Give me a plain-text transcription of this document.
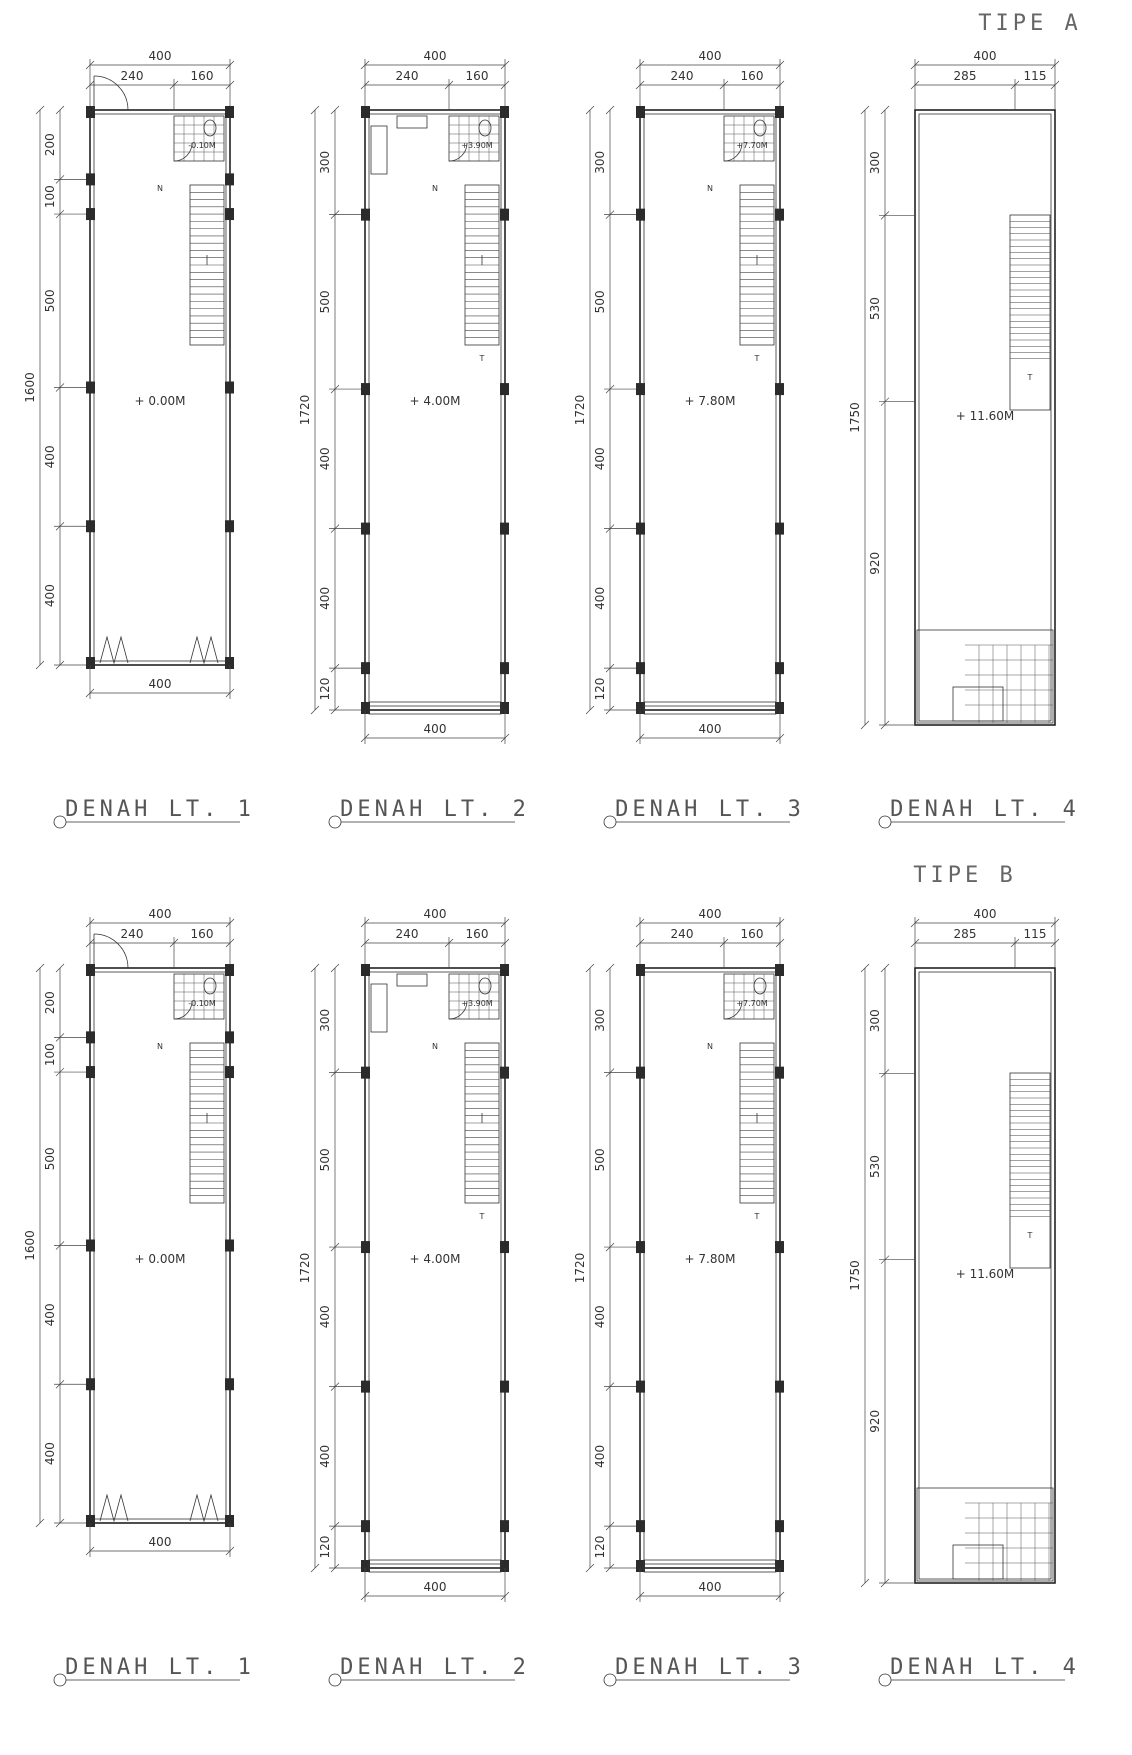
TIPE A
400
240	160
1600
200
100
500
400
400
-0.10M
N
400
+ 0.00M
DENAH LT. 1
400
240	160
1720
300
500
400
400
120
+3.90M
N
T
400
+ 4.00M
DENAH LT. 2
400
240	160
1720
300
500
400
400
120
+7.70M
N
T
400
+ 7.80M
DENAH LT. 3
400
285	115
1750
300
530
920
T
+ 11.60M
DENAH LT. 4
TIPE B
400
240	160
1600
200
100
500
400
400
-0.10M
N
400
+ 0.00M
DENAH LT. 1
400
240	160
1720
300
500
400
400
120
+3.90M
N
T
400
+ 4.00M
DENAH LT. 2
400
240	160
1720
300
500
400
400
120
+7.70M
N
T
400
+ 7.80M
DENAH LT. 3
400
285	115
1750
300
530
920
T
+ 11.60M
DENAH LT. 4
